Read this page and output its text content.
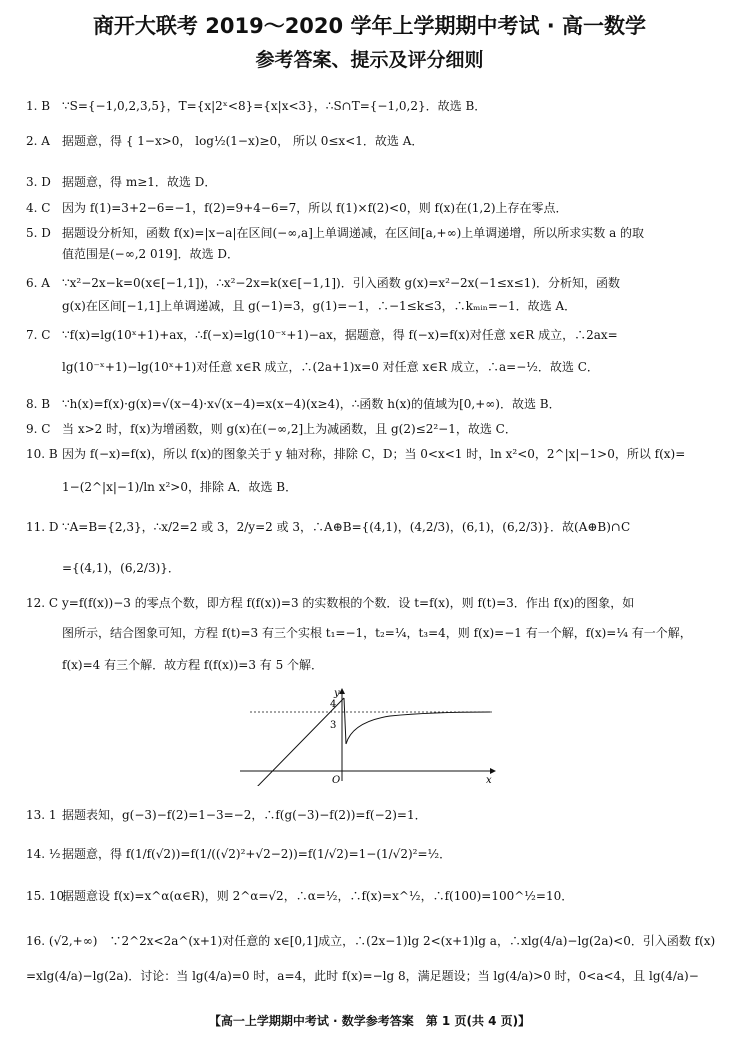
商开大联考 2019～2020 学年上学期期中考试 · 高一数学
参考答案、提示及评分细则
1. B ∵S={−1,0,2,3,5}，T={x|2ˣ<8}={x|x<3}，∴S∩T={−1,0,2}．故选 B．
2. A 据题意，得 { 1−x>0， log½(1−x)≥0， 所以 0≤x<1．故选 A．
3. D 据题意，得 m≥1．故选 D．
4. C 因为 f(1)=3+2−6=−1，f(2)=9+4−6=7，所以 f(1)×f(2)<0，则 f(x)在(1,2)上存在零点．
5. D 据题设分析知，函数 f(x)=|x−a|在区间(−∞,a]上单调递减，在区间[a,+∞)上单调递增，所以所求实数 a 的取
值范围是(−∞,2 019]．故选 D．
6. A ∵x²−2x−k=0(x∈[−1,1])，∴x²−2x=k(x∈[−1,1])．引入函数 g(x)=x²−2x(−1≤x≤1)．分析知，函数
g(x)在区间[−1,1]上单调递减，且 g(−1)=3，g(1)=−1，∴−1≤k≤3，∴kₘᵢₙ=−1．故选 A．
7. C ∵f(x)=lg(10ˣ+1)+ax，∴f(−x)=lg(10⁻ˣ+1)−ax，据题意，得 f(−x)=f(x)对任意 x∈R 成立，∴2ax=
lg(10⁻ˣ+1)−lg(10ˣ+1)对任意 x∈R 成立，∴(2a+1)x=0 对任意 x∈R 成立，∴a=−½．故选 C．
8. B ∵h(x)=f(x)·g(x)=√(x−4)·x√(x−4)=x(x−4)(x≥4)，∴函数 h(x)的值域为[0,+∞)．故选 B．
9. C 当 x>2 时，f(x)为增函数，则 g(x)在(−∞,2]上为减函数，且 g(2)≤2²−1，故选 C．
10. B 因为 f(−x)=f(x)，所以 f(x)的图象关于 y 轴对称，排除 C，D；当 0<x<1 时，ln x²<0，2^|x|−1>0，所以 f(x)=
1−(2^|x|−1)/ln x²>0，排除 A．故选 B．
11. D ∵A=B={2,3}，∴x/2=2 或 3，2/y=2 或 3，∴A⊕B={(4,1)，(4,2/3)，(6,1)，(6,2/3)}．故(A⊕B)∩C
={(4,1)，(6,2/3)}．
12. C y=f(f(x))−3 的零点个数，即方程 f(f(x))=3 的实数根的个数．设 t=f(x)，则 f(t)=3．作出 f(x)的图象，如
图所示，结合图象可知，方程 f(t)=3 有三个实根 t₁=−1，t₂=¼，t₃=4，则 f(x)=−1 有一个解，f(x)=¼ 有一个解，
f(x)=4 有三个解．故方程 f(f(x))=3 有 5 个解．
x
y
O
4
3
13. 1 据题表知，g(−3)−f(2)=1−3=−2，∴f(g(−3)−f(2))=f(−2)=1．
14. ½据题意，得 f(1/f(√2))=f(1/((√2)²+√2−2))=f(1/√2)=1−(1/√2)²=½．
15. 10据题意设 f(x)=x^α(α∈R)，则 2^α=√2，∴α=½，∴f(x)=x^½，∴f(100)=100^½=10．
16. (√2,+∞)　 ∵2^2x<2a^(x+1)对任意的 x∈[0,1]成立，∴(2x−1)lg 2<(x+1)lg a，∴xlg(4/a)−lg(2a)<0．引入函数 f(x)
=xlg(4/a)−lg(2a)．讨论：当 lg(4/a)=0 时，a=4，此时 f(x)=−lg 8，满足题设；当 lg(4/a)>0 时，0<a<4，且 lg(4/a)−
【高一上学期期中考试 · 数学参考答案　第 1 页(共 4 页)】
